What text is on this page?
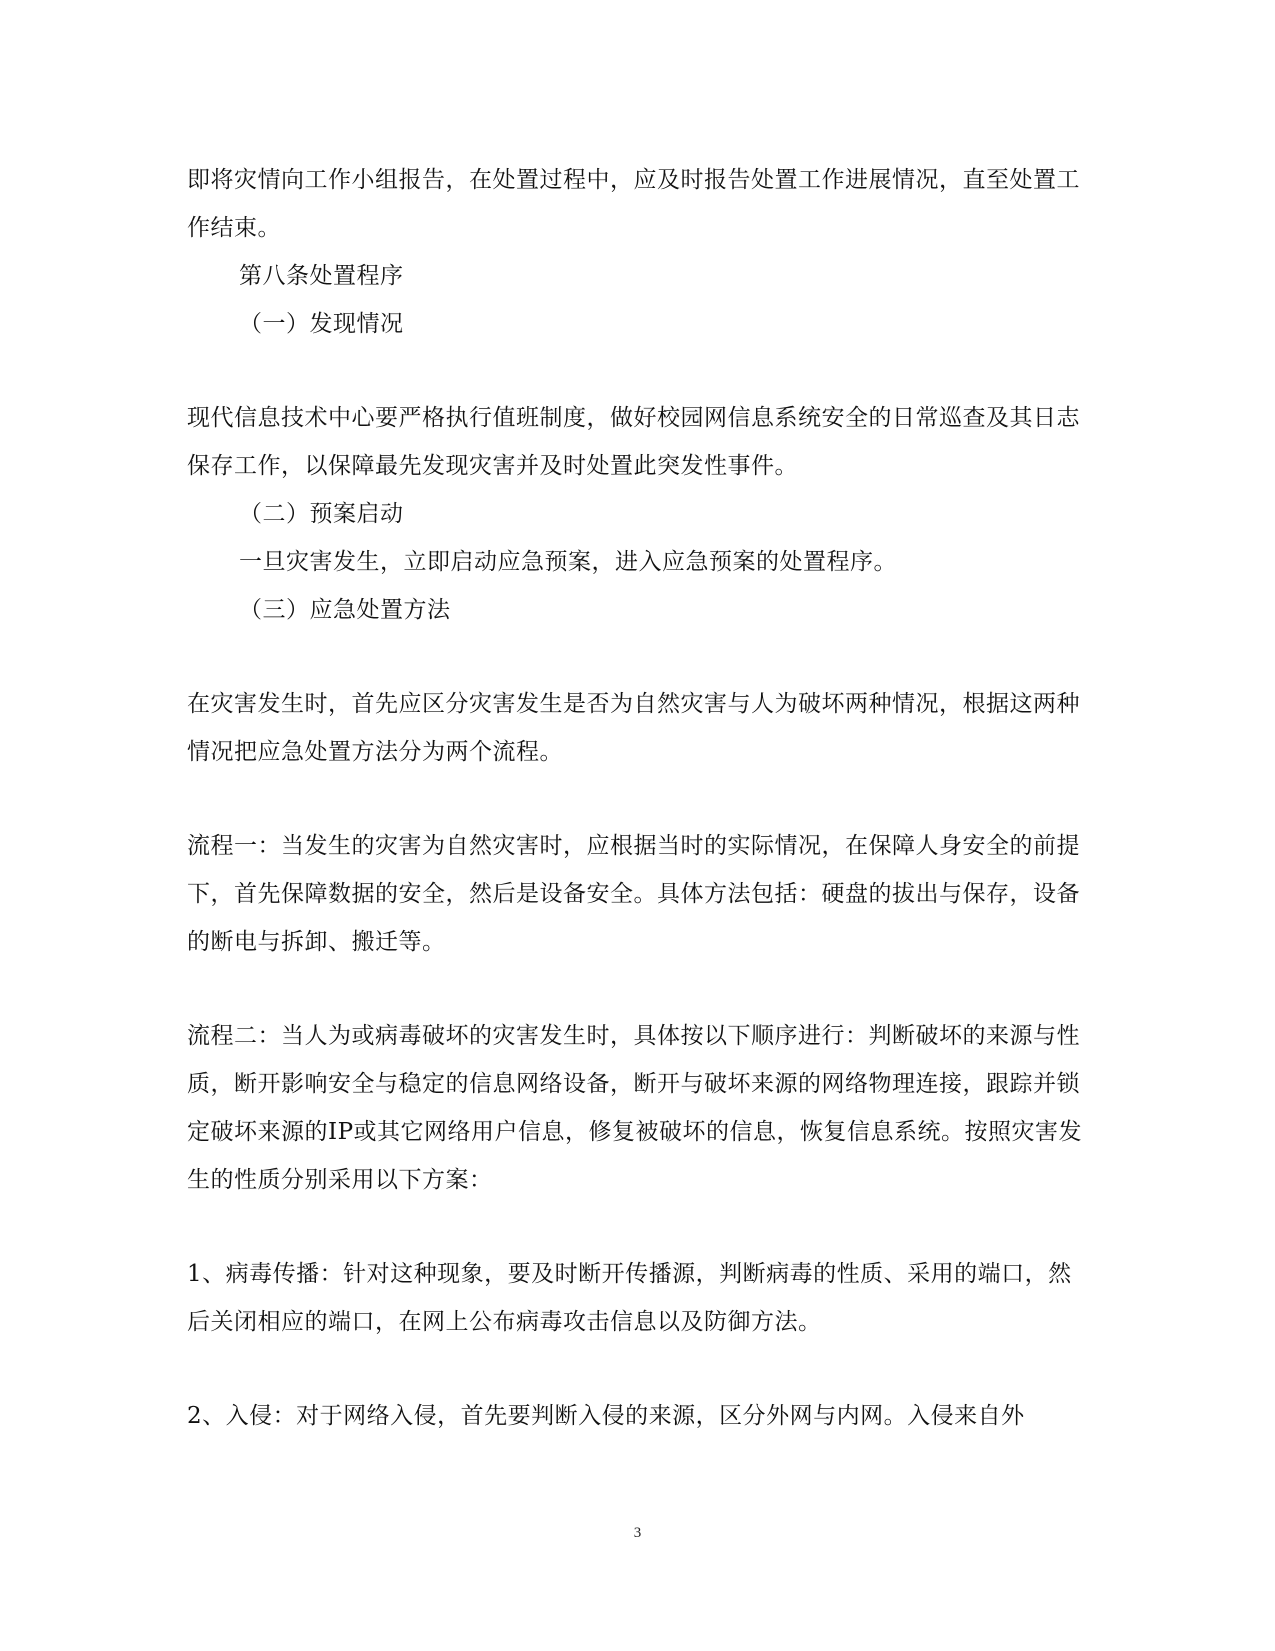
即将灾情向工作小组报告，在处置过程中，应及时报告处置工作进展情况，直至处置工作结束。

第八条处置程序

（一）发现情况

现代信息技术中心要严格执行值班制度，做好校园网信息系统安全的日常巡查及其日志保存工作，以保障最先发现灾害并及时处置此突发性事件。

（二）预案启动

一旦灾害发生，立即启动应急预案，进入应急预案的处置程序。

（三）应急处置方法

在灾害发生时，首先应区分灾害发生是否为自然灾害与人为破坏两种情况，根据这两种情况把应急处置方法分为两个流程。

流程一：当发生的灾害为自然灾害时，应根据当时的实际情况，在保障人身安全的前提下，首先保障数据的安全，然后是设备安全。具体方法包括：硬盘的拔出与保存，设备的断电与拆卸、搬迁等。

流程二：当人为或病毒破坏的灾害发生时，具体按以下顺序进行：判断破坏的来源与性质，断开影响安全与稳定的信息网络设备，断开与破坏来源的网络物理连接，跟踪并锁定破坏来源的IP或其它网络用户信息，修复被破坏的信息，恢复信息系统。按照灾害发生的性质分别采用以下方案：

1、病毒传播：针对这种现象，要及时断开传播源，判断病毒的性质、采用的端口，然后关闭相应的端口，在网上公布病毒攻击信息以及防御方法。

2、入侵：对于网络入侵，首先要判断入侵的来源，区分外网与内网。入侵来自外

3
